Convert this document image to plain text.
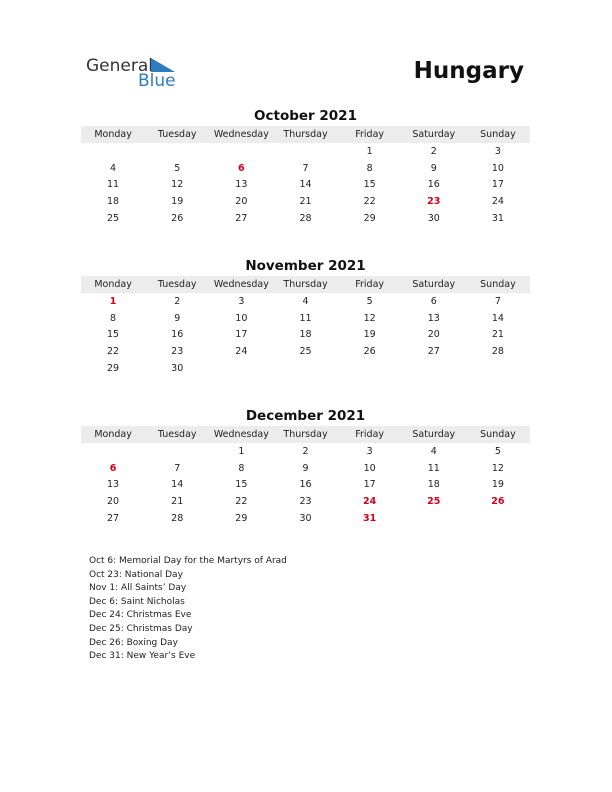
General
Blue	Hungary
October 2021
Monday	Tuesday	Wednesday	Thursday	Friday	Saturday	Sunday
				1	2	3
4	5	6	7	8	9	10
11	12	13	14	15	16	17
18	19	20	21	22	23	24
25	26	27	28	29	30	31
November 2021
Monday	Tuesday	Wednesday	Thursday	Friday	Saturday	Sunday
1	2	3	4	5	6	7
8	9	10	11	12	13	14
15	16	17	18	19	20	21
22	23	24	25	26	27	28
29	30					
December 2021
Monday	Tuesday	Wednesday	Thursday	Friday	Saturday	Sunday
		1	2	3	4	5
6	7	8	9	10	11	12
13	14	15	16	17	18	19
20	21	22	23	24	25	26
27	28	29	30	31		
Oct 6: Memorial Day for the Martyrs of Arad
Oct 23: National Day
Nov 1: All Saints’ Day
Dec 6: Saint Nicholas
Dec 24: Christmas Eve
Dec 25: Christmas Day
Dec 26: Boxing Day
Dec 31: New Year’s Eve
